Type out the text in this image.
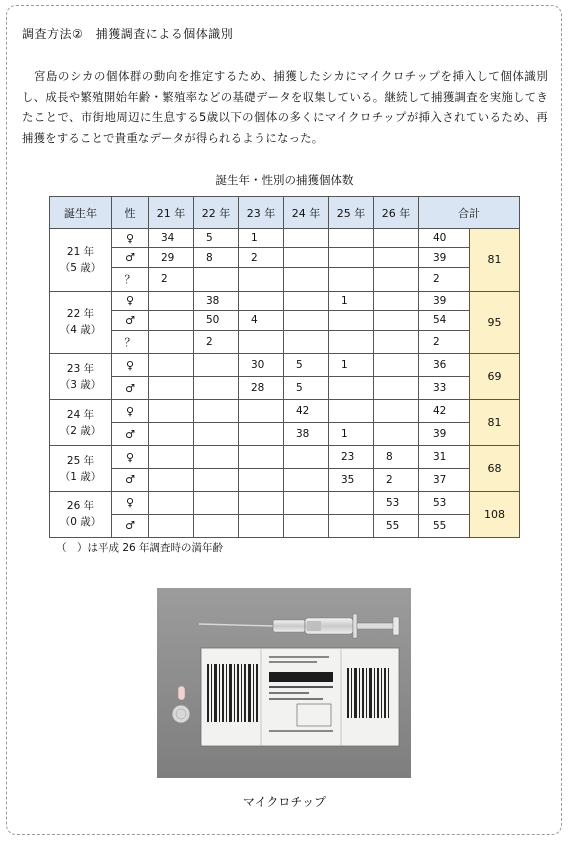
調査方法②　捕獲調査による個体識別
宮島のシカの個体群の動向を推定するため、捕獲したシカにマイクロチップを挿入して個体識別し、成長や繁殖開始年齢・繁殖率などの基礎データを収集している。継続して捕獲調査を実施してきたことで、市街地周辺に生息する5歳以下の個体の多くにマイクロチップが挿入されているため、再捕獲をすることで貴重なデータが得られるようになった。
誕生年・性別の捕獲個体数
誕生年	性	21 年	22 年	23 年	24 年	25 年	26 年	合計	

21 年
（5 歳）	♀	34	5	1				40	81
	♂	29	8	2				39	
	？	2						2	

22 年
（4 歳）	♀		38			1		39	95
	♂		50	4				54	
	？		2					2	

23 年
（3 歳）	♀			30	5	1		36	69
	♂			28	5			33	

24 年
（2 歳）	♀				42			42	81
	♂				38	1		39	

25 年
（1 歳）	♀					23	8	31	68
	♂					35	2	37	

26 年
（0 歳）	♀						53	53	108
	♂						55	55	
（　）は平成 26 年調査時の満年齢
マイクロチップ
